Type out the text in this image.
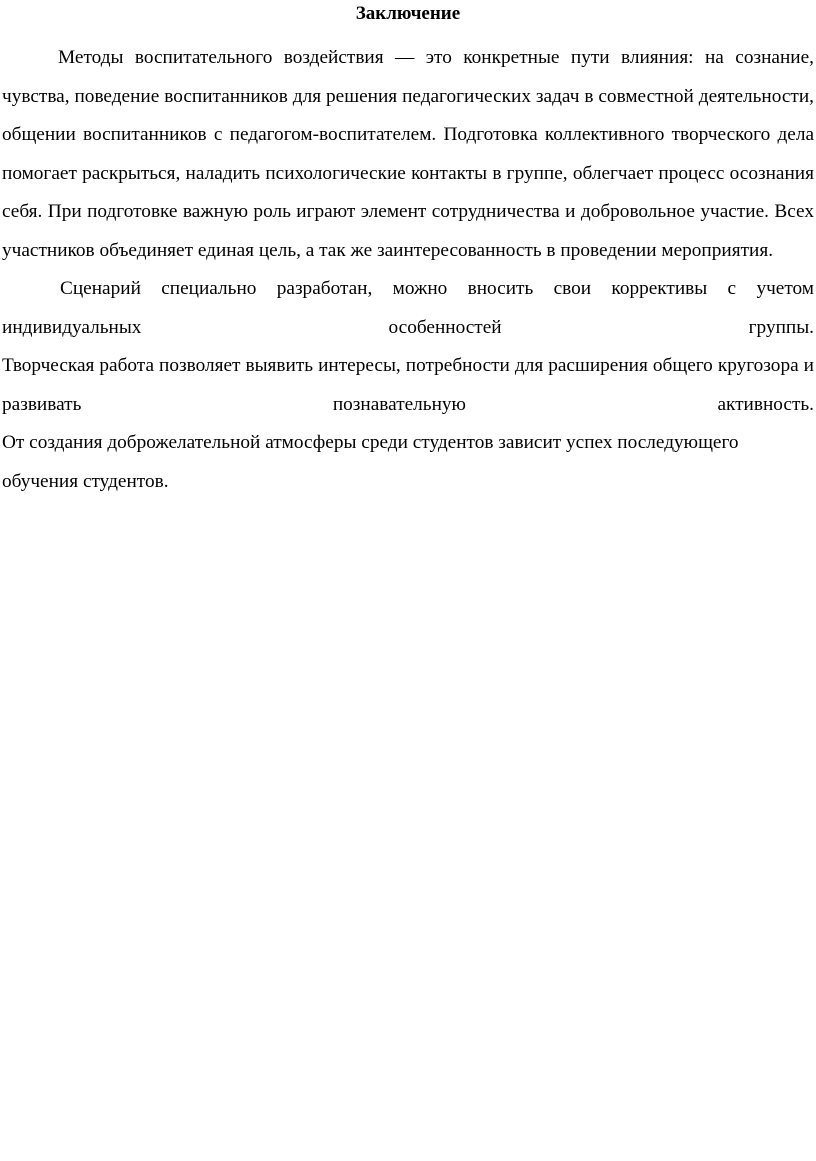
Заключение

Методы воспитательного воздействия — это конкретные пути влияния: на сознание, чувства, поведение воспитанников для решения педагогических задач в совместной деятельности, общении воспитанников с педагогом-воспитателем. Подготовка коллективного творческого дела помогает раскрыться, наладить психологические контакты в группе, облегчает процесс осознания себя. При подготовке важную роль играют элемент сотрудничества и добровольное участие. Всех участников объединяет единая цель, а так же заинтересованность в проведении мероприятия.

Сценарий специально разработан, можно вносить свои коррективы с учетом индивидуальных особенностей группы.
Творческая работа позволяет выявить интересы, потребности для расширения общего кругозора и развивать познавательную активность.
От создания доброжелательной атмосферы среди студентов зависит успех последующего обучения студентов.
